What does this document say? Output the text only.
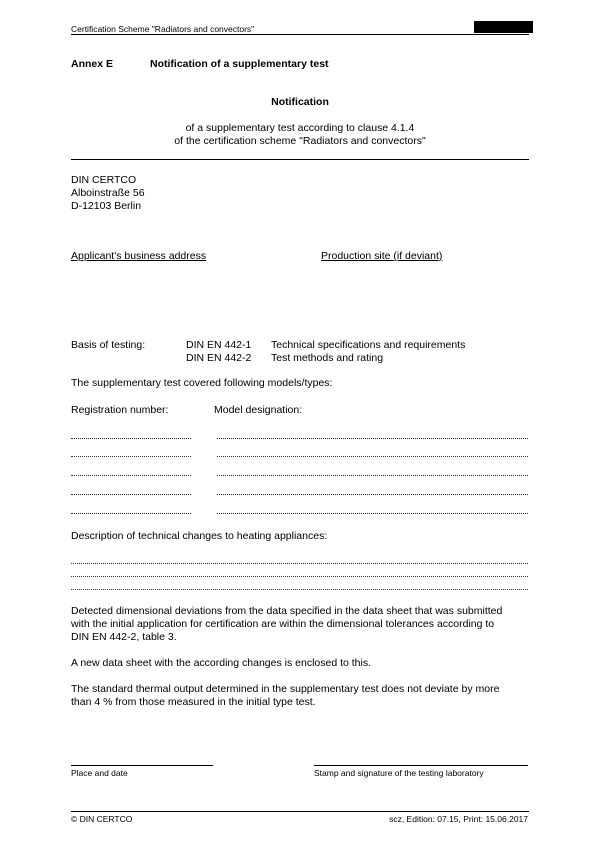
Certification Scheme "Radiators and convectors"
Annex E	Notification of a supplementary test
Notification
of a supplementary test according to clause 4.1.4
of the certification scheme "Radiators and convectors"
DIN CERTCO
Alboinstraße 56
D-12103 Berlin
Applicant's business address	Production site (if deviant)
Basis of testing:	DIN EN 442-1 Technical specifications and requirements
DIN EN 442-2 Test methods and rating
The supplementary test covered following models/types:
Registration number:	Model designation:
Description of technical changes to heating appliances:
Detected dimensional deviations from the data specified in the data sheet that was submitted
with the initial application for certification are within the dimensional tolerances according to
DIN EN 442-2, table 3.
A new data sheet with the according changes is enclosed to this.
The standard thermal output determined in the supplementary test does not deviate by more
than 4 % from those measured in the initial type test.
Place and date	Stamp and signature of the testing laboratory
© DIN CERTCO	scz, Edition: 07.15, Print: 15.06.2017
